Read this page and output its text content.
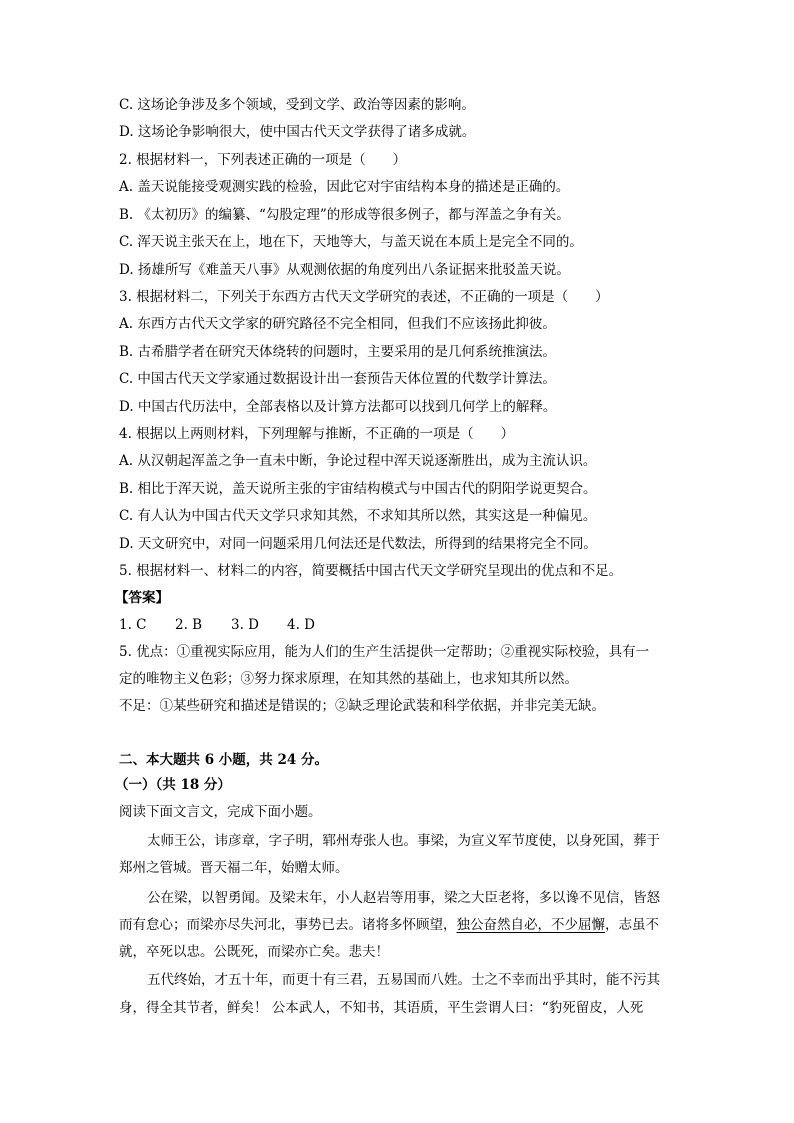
C. 这场论争涉及多个领域，受到文学、政治等因素的影响。
D. 这场论争影响很大，使中国古代天文学获得了诸多成就。
2. 根据材料一，下列表述正确的一项是（　　）
A. 盖天说能接受观测实践的检验，因此它对宇宙结构本身的描述是正确的。
B. 《太初历》的编纂、“勾股定理”的形成等很多例子，都与浑盖之争有关。
C. 浑天说主张天在上，地在下，天地等大，与盖天说在本质上是完全不同的。
D. 扬雄所写《难盖天八事》从观测依据的角度列出八条证据来批驳盖天说。
3. 根据材料二，下列关于东西方古代天文学研究的表述，不正确的一项是（　　）
A. 东西方古代天文学家的研究路径不完全相同，但我们不应该扬此抑彼。
B. 古希腊学者在研究天体绕转的问题时，主要采用的是几何系统推演法。
C. 中国古代天文学家通过数据设计出一套预告天体位置的代数学计算法。
D. 中国古代历法中，全部表格以及计算方法都可以找到几何学上的解释。
4. 根据以上两则材料，下列理解与推断，不正确的一项是（　　）
A. 从汉朝起浑盖之争一直未中断，争论过程中浑天说逐渐胜出，成为主流认识。
B. 相比于浑天说，盖天说所主张的宇宙结构模式与中国古代的阴阳学说更契合。
C. 有人认为中国古代天文学只求知其然，不求知其所以然，其实这是一种偏见。
D. 天文研究中，对同一问题采用几何法还是代数法，所得到的结果将完全不同。
5. 根据材料一、材料二的内容，简要概括中国古代天文学研究呈现出的优点和不足。
【答案】
1. C 2. B 3. D 4. D
5. 优点：①重视实际应用，能为人们的生产生活提供一定帮助；②重视实际校验，具有一
定的唯物主义色彩；③努力探求原理，在知其然的基础上，也求知其所以然。
不足：①某些研究和描述是错误的；②缺乏理论武装和科学依据，并非完美无缺。
二、本大题共 6 小题，共 24 分。
（一）（共 18 分）
阅读下面文言文，完成下面小题。
太师王公，讳彦章，字子明，郓州寿张人也。事梁，为宣义军节度使，以身死国，葬于
郑州之管城。晋天福二年，始赠太师。
公在梁，以智勇闻。及梁末年，小人赵岩等用事，梁之大臣老将，多以谗不见信，皆怒
而有怠心；而梁亦尽失河北，事势已去。诸将多怀顾望，独公奋然自必，不少屈懈，志虽不
就，卒死以忠。公既死，而梁亦亡矣。悲夫！
五代终始，才五十年，而更十有三君，五易国而八姓。士之不幸而出乎其时，能不污其
身，得全其节者，鲜矣！ 公本武人，不知书，其语质，平生尝谓人曰：“豹死留皮，人死
